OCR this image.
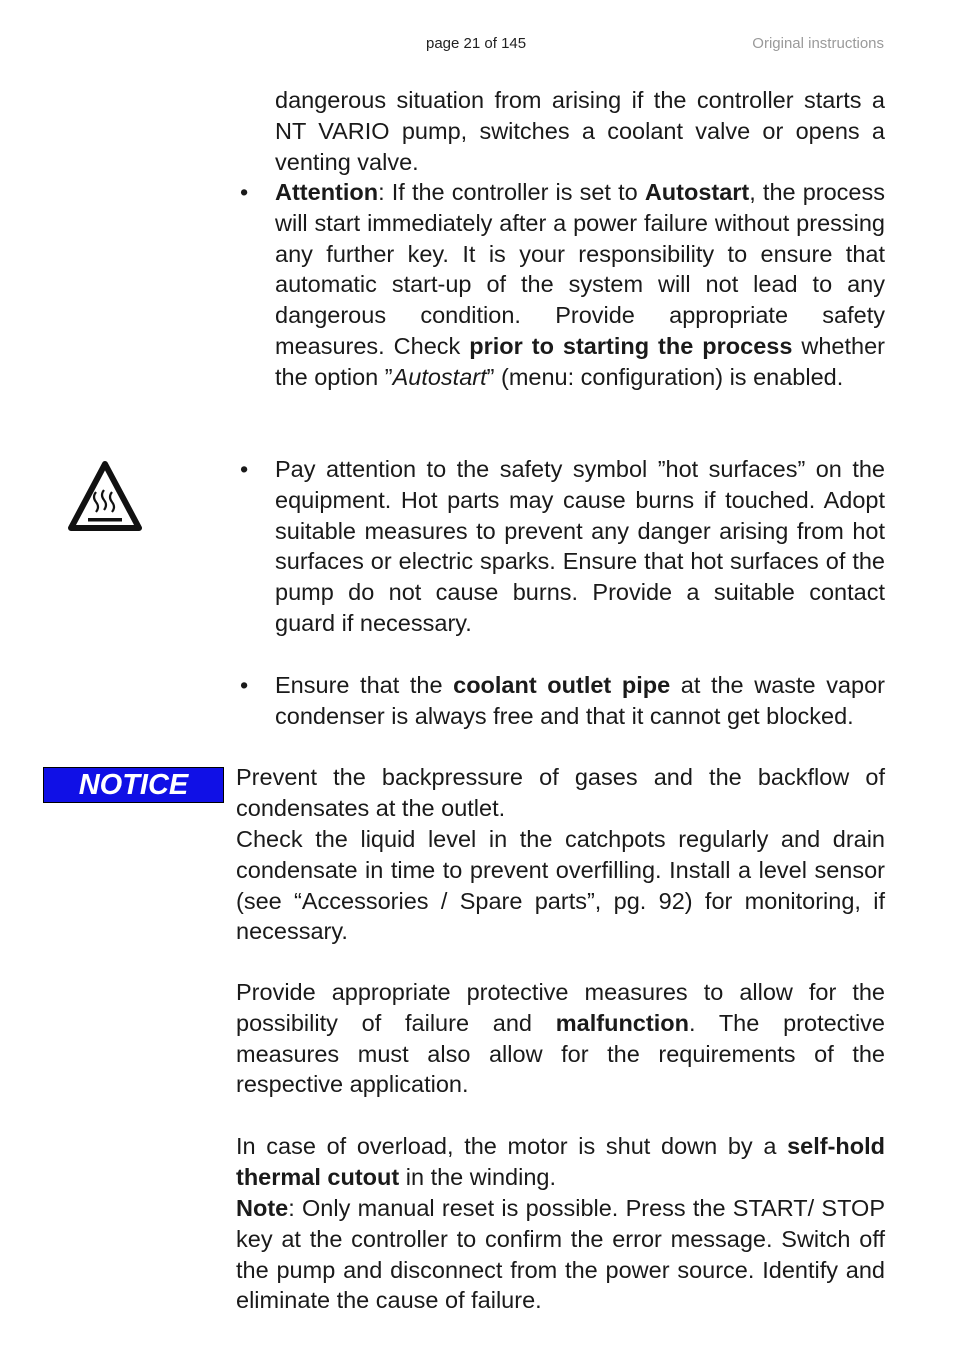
page 21 of 145	Original instructions

dangerous situation from arising if the controller starts a NT VARIO pump, switches a coolant valve or opens a venting valve.

• Attention: If the controller is set to Autostart, the process will start immediately after a power failure without pressing any further key. It is your responsibility to ensure that automatic start-up of the system will not lead to any dangerous condition. Provide appropriate safety measures. Check prior to starting the process whether the option ”Autostart” (menu: configuration) is enabled.

• Pay attention to the safety symbol ”hot surfaces” on the equipment. Hot parts may cause burns if touched. Adopt suitable measures to prevent any danger arising from hot surfaces or electric sparks. Ensure that hot surfaces of the pump do not cause burns. Provide a suitable contact guard if necessary.

• Ensure that the coolant outlet pipe at the waste vapor condenser is always free and that it cannot get blocked.

NOTICE	Prevent the backpressure of gases and the backflow of condensates at the outlet.

Check the liquid level in the catchpots regularly and drain condensate in time to prevent overfilling. Install a level sensor (see “Accessories / Spare parts”, pg. 92) for monitoring, if necessary.

Provide appropriate protective measures to allow for the possibility of failure and malfunction. The protective measures must also allow for the requirements of the respective application.

In case of overload, the motor is shut down by a self-hold thermal cutout in the winding.

Note: Only manual reset is possible. Press the START/ STOP key at the controller to confirm the error message. Switch off the pump and disconnect from the power source. Identify and eliminate the cause of failure.
